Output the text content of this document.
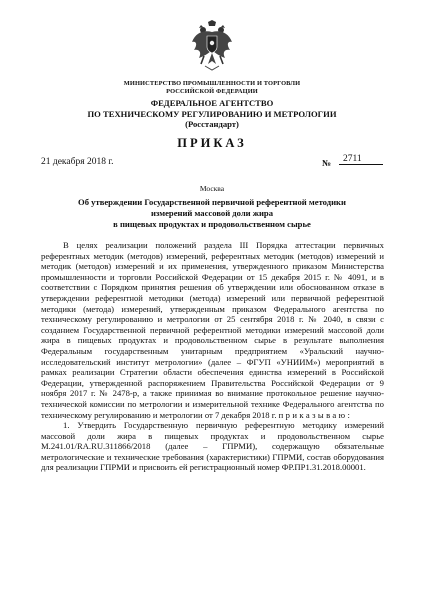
МИНИСТЕРСТВО ПРОМЫШЛЕННОСТИ И ТОРГОВЛИ
РОССИЙСКОЙ ФЕДЕРАЦИИ
ФЕДЕРАЛЬНОЕ АГЕНТСТВО
ПО ТЕХНИЧЕСКОМУ РЕГУЛИРОВАНИЮ И МЕТРОЛОГИИ
(Росстандарт)
ПРИКАЗ
21 декабря 2018 г.	№	2711
Москва
Об утверждении Государственной первичной референтной методики
измерений массовой доли жира
в пищевых продуктах и продовольственном сырье

В целях реализации положений раздела III Порядка аттестации первичных референтных методик (методов) измерений, референтных методик (методов) измерений и методик (методов) измерений и их применения, утвержденного приказом Министерства промышленности и торговли Российской Федерации от 15 декабря 2015 г. № 4091, и в соответствии с Порядком принятия решения об утверждении или обоснованном отказе в утверждении референтной методики (метода) измерений или первичной референтной методики (метода) измерений, утвержденным приказом Федерального агентства по техническому регулированию и метрологии от 25 сентября 2018 г. № 2040, в связи с созданием Государственной первичной референтной методики измерений массовой доли жира в пищевых продуктах и продовольственном сырье в результате выполнения Федеральным государственным унитарным предприятием «Уральский научно-исследовательский институт метрологии» (далее – ФГУП «УНИИМ») мероприятий в рамках реализации Стратегии области обеспечения единства измерений в Российской Федерации, утвержденной распоряжением Правительства Российской Федерации от 9 ноября 2017 г. № 2478-р, а также принимая во внимание протокольное решение научно-технической комиссии по метрологии и измерительной технике Федерального агентства по техническому регулированию и метрологии от 7 декабря 2018 г. приказываю:

1. Утвердить Государственную первичную референтную методику измерений массовой доли жира в пищевых продуктах и продовольственном сырье М.241.01/RA.RU.311866/2018 (далее – ГПРМИ), содержащую обязательные метрологические и технические требования (характеристики) ГПРМИ, состав оборудования для реализации ГПРМИ и присвоить ей регистрационный номер ФР.ПР1.31.2018.00001.
